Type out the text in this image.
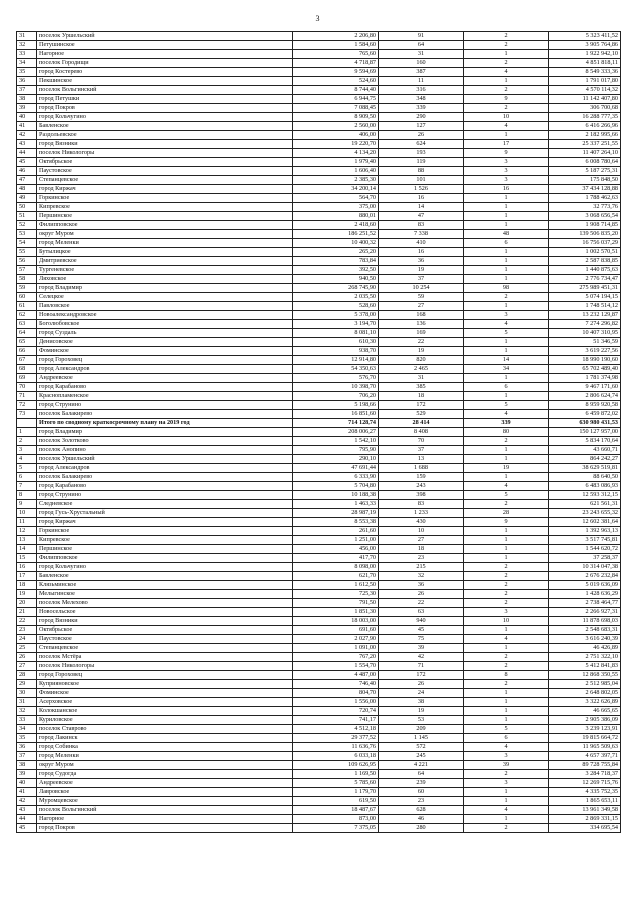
3
31	поселок Уршельский	2 206,80	91	2	5 323 411,52
32	Петушинское	1 584,60	64	2	3 905 764,86
33	Нагорное	765,60	31	1	1 922 942,10
34	поселок Городищи	4 718,87	160	2	4 851 818,11
35	город Костерево	9 594,69	387	4	8 549 333,36
36	Пекшинское	524,60	11	1	1 791 017,80
37	поселок Вольгинский	8 744,40	316	2	4 570 114,32
38	город Петушки	6 944,75	348	9	11 142 407,80
39	город Покров	7 088,45	339	2	306 700,68
40	город Кольчугино	8 909,50	290	10	16 288 777,35
41	Бавленское	2 560,00	127	4	6 416 266,96
42	Раздольевское	406,00	26	1	2 182 995,66
43	город Вязники	19 220,70	624	17	25 337 251,55
44	поселок Никологоры	4 134,20	193	9	11 407 264,10
45	Октябрьское	1 979,40	119	3	6 008 780,64
46	Паустовское	1 606,40	88	3	5 187 275,31
47	Степанцевское	2 385,30	101	3	175 848,50
48	город Киржач	34 200,14	1 526	16	37 434 128,88
49	Горкинское	564,70	16	1	1 788 462,63
50	Кипревское	375,00	14	1	32 773,76
51	Першинское	880,01	47	1	3 068 656,54
52	Филипповское	2 418,60	83	1	1 908 714,85
53	округ Муром	186 251,52	7 338	48	139 506 835,20
54	город Меленки	10 400,32	410	6	16 756 037,29
55	Бутылицкое	265,20	16	1	1 002 570,51
56	Дмитриевское	783,84	36	1	2 587 838,85
57	Тургеневское	392,50	19	1	1 440 875,63
58	Ляховское	940,50	37	1	2 776 734,47
59	город Владимир	268 745,90	10 254	98	275 989 451,31
60	Селецкое	2 035,50	59	2	5 074 194,15
61	Павловское	528,60	27	1	1 748 514,12
62	Новоалександровское	5 378,00	168	3	13 232 129,87
63	Боголюбовское	3 194,70	136	4	7 274 296,82
64	город Суздаль	8 081,10	169	5	10 407 310,95
65	Денисовское	610,30	22	1	51 346,59
66	Фоминское	938,70	19	1	3 619 227,56
67	город Гороховец	12 914,80	820	14	18 990 190,60
68	город Александров	54 350,63	2 465	34	65 702 489,40
69	Андреевское	576,70	31	1	1 781 374,98
70	город Карабаново	10 398,70	385	6	9 467 171,60
71	Краснопламенское	706,20	18	1	2 806 624,74
72	город Струнино	5 198,66	172	5	8 959 920,58
73	поселок Балакирево	16 851,60	529	4	6 459 872,02
	Итого по сводному краткосрочному плану на 2019 год	714 128,74	28 414	339	630 980 431,53
1	город Владимир	208 006,27	8 408	80	150 127 957,00
2	поселок Золотково	1 542,10	70	2	5 834 170,64
3	поселок Анопино	795,90	37	1	43 660,71
4	поселок Уршельский	290,10	13	1	864 242,27
5	город Александров	47 691,44	1 688	19	38 629 519,81
6	поселок Балакирево	6 333,90	159	1	88 640,50
7	город Карабаново	5 704,80	243	4	6 483 086,93
8	город Струнино	10 188,38	398	5	12 593 312,15
9	Следневское	1 463,33	83	2	621 561,31
10	город Гусь-Хрустальный	28 987,19	1 233	28	23 243 655,32
11	город Киржач	8 553,38	430	9	12 602 381,64
12	Горкинское	261,60	10	1	1 392 963,13
13	Кипревское	1 251,00	27	1	3 517 745,81
14	Першинское	456,00	18	1	1 544 620,72
15	Филипповское	417,70	23	1	37 258,37
16	город Кольчугино	8 098,00	215	2	10 314 047,38
17	Бавленское	621,70	32	2	2 676 232,84
18	Клязьминское	1 612,50	36	2	5 019 636,09
19	Мелыгинское	725,30	26	2	1 428 636,29
20	поселок Мелехово	791,50	22	2	2 738 464,77
21	Новосельское	1 851,30	63	3	2 266 927,31
22	город Вязники	18 003,00	940	10	11 878 698,03
23	Октябрьское	691,60	45	1	2 548 683,31
24	Паустовское	2 027,90	75	4	3 616 240,39
25	Степанцевское	1 091,00	39	1	46 426,89
26	поселок Мстёра	767,20	42	2	2 751 322,10
27	поселок Никологоры	1 554,70	71	2	5 412 841,83
28	город Гороховец	4 487,00	172	8	12 868 350,55
29	Куприяновское	746,40	26	2	2 512 985,04
30	Фоминское	804,70	24	1	2 648 802,05
31	Асерховское	1 556,00	38	1	3 322 626,89
32	Колокшанское	720,74	19	1	46 665,65
33	Куриловское	741,17	53	1	2 905 386,09
34	поселок Ставрово	4 512,18	209	5	3 239 123,91
35	город Лакинск	29 377,52	1 145	6	19 815 664,72
36	город Собинка	11 636,76	572	4	11 965 509,63
37	город Меленки	6 033,18	245	3	4 657 397,71
38	округ Муром	109 626,95	4 221	39	89 728 755,84
39	город Судогда	1 169,50	64	2	3 284 718,37
40	Андреевское	5 785,60	239	3	12 269 715,76
41	Лавровское	1 179,70	60	1	4 335 752,35
42	Муромцевское	619,50	23	1	1 865 653,11
43	поселок Вольгинский	18 487,67	628	4	13 961 349,58
44	Нагорное	873,00	46	1	2 869 331,15
45	город Покров	7 375,05	280	2	334 695,54
